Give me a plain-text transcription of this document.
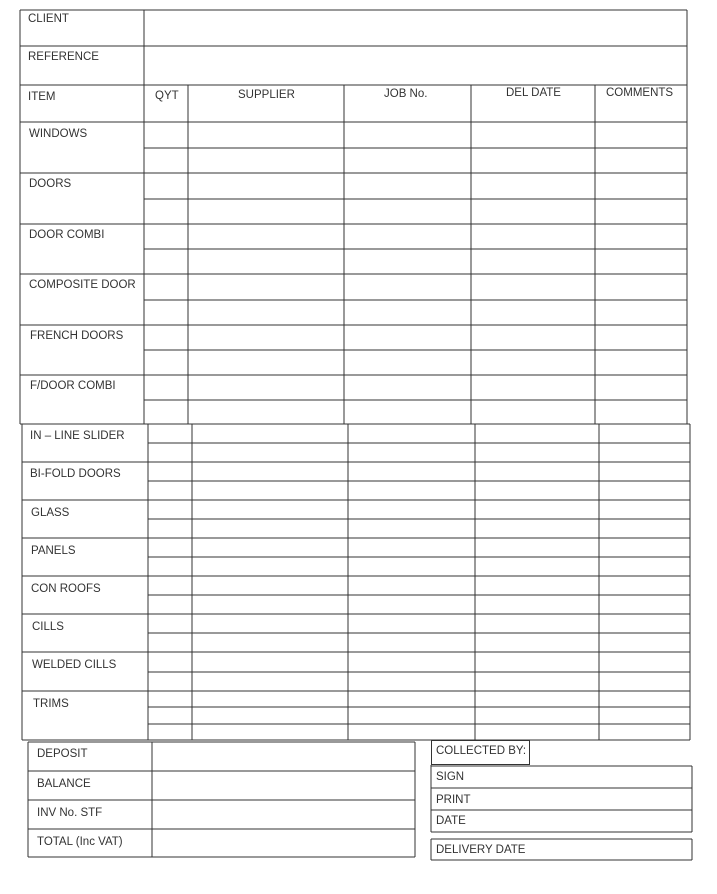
CLIENT
REFERENCE
ITEM	QYT	SUPPLIER	JOB No.	DEL DATE	COMMENTS
WINDOWS
DOORS
DOOR COMBI
COMPOSITE DOOR
FRENCH DOORS
F/DOOR COMBI
IN – LINE SLIDER
BI-FOLD DOORS
GLASS
PANELS
CON ROOFS
CILLS
WELDED CILLS
TRIMS
DEPOSIT
BALANCE
INV No. STF
TOTAL (Inc VAT)
COLLECTED BY:
SIGN
PRINT
DATE
DELIVERY DATE
